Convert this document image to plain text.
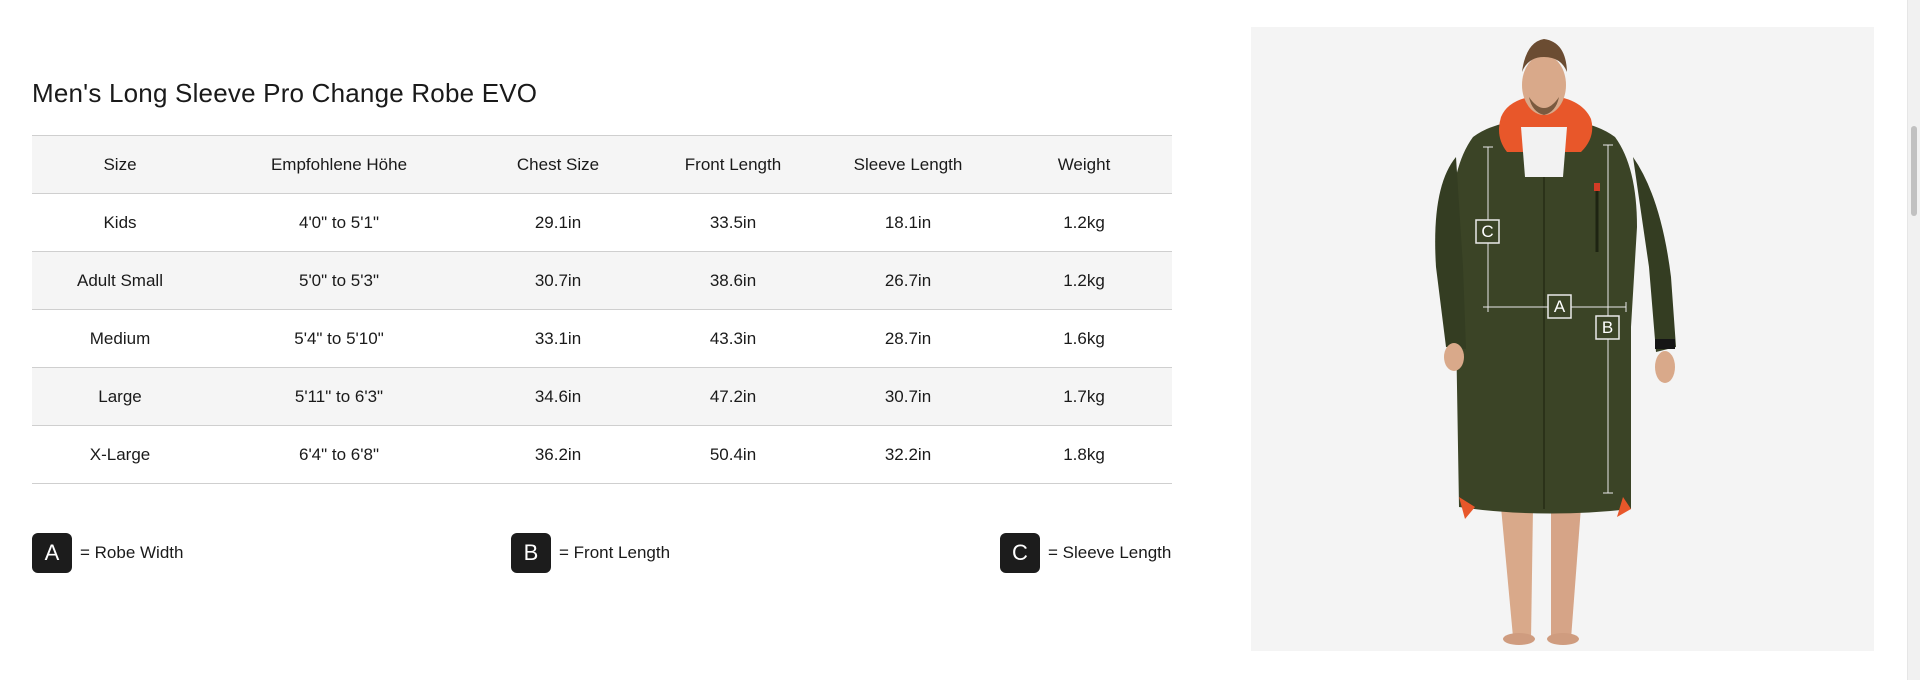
Men's Long Sleeve Pro Change Robe EVO
Size	Empfohlene Höhe	Chest Size	Front Length	Sleeve Length	Weight
Kids	4'0" to 5'1"	29.1in	33.5in	18.1in	1.2kg
Adult Small	5'0" to 5'3"	30.7in	38.6in	26.7in	1.2kg
Medium	5'4" to 5'10"	33.1in	43.3in	28.7in	1.6kg
Large	5'11" to 6'3"	34.6in	47.2in	30.7in	1.7kg
X-Large	6'4" to 6'8"	36.2in	50.4in	32.2in	1.8kg
A	= Robe Width	B	= Front Length	C	= Sleeve Length
C
A
B
